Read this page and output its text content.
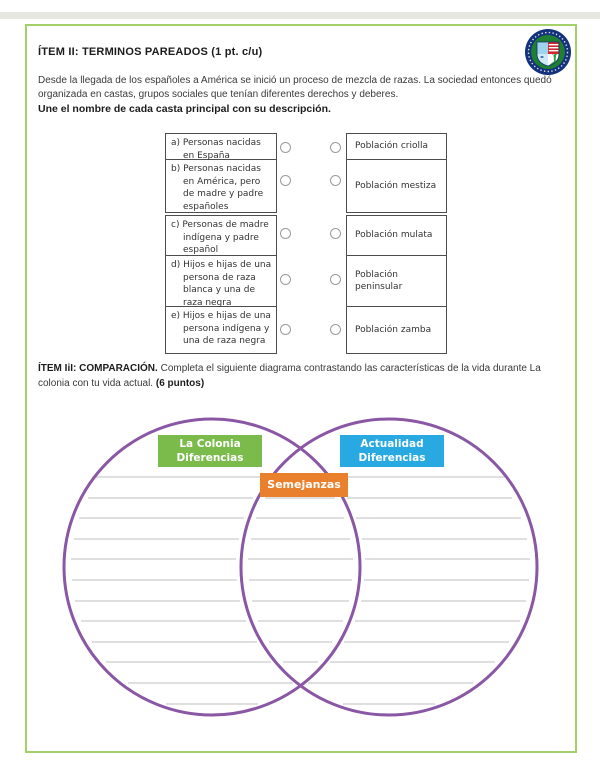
ÍTEM II: TERMINOS PAREADOS (1 pt. c/u)
Desde la llegada de los españoles a América se inició un proceso de mezcla de razas. La sociedad entonces quedó organizada en castas, grupos sociales que tenían diferentes derechos y deberes.
Une el nombre de cada casta principal con su descripción.
a) Personas nacidas en España
b) Personas nacidas en América, pero de madre y padre españoles
c) Personas de madre indígena y padre español
d) Hijos e hijas de una persona de raza blanca y una de raza negra
e) Hijos e hijas de una persona indígena y una de raza negra
Población criolla
Población mestiza
Población mulata
Población peninsular
Población zamba
ÍTEM IiI: COMPARACIÓN. Completa el siguiente diagrama contrastando las características de la vida durante La colonia con tu vida actual. (6 puntos)
La Colonia
Diferencias
Actualidad
Diferencias
Semejanzas
